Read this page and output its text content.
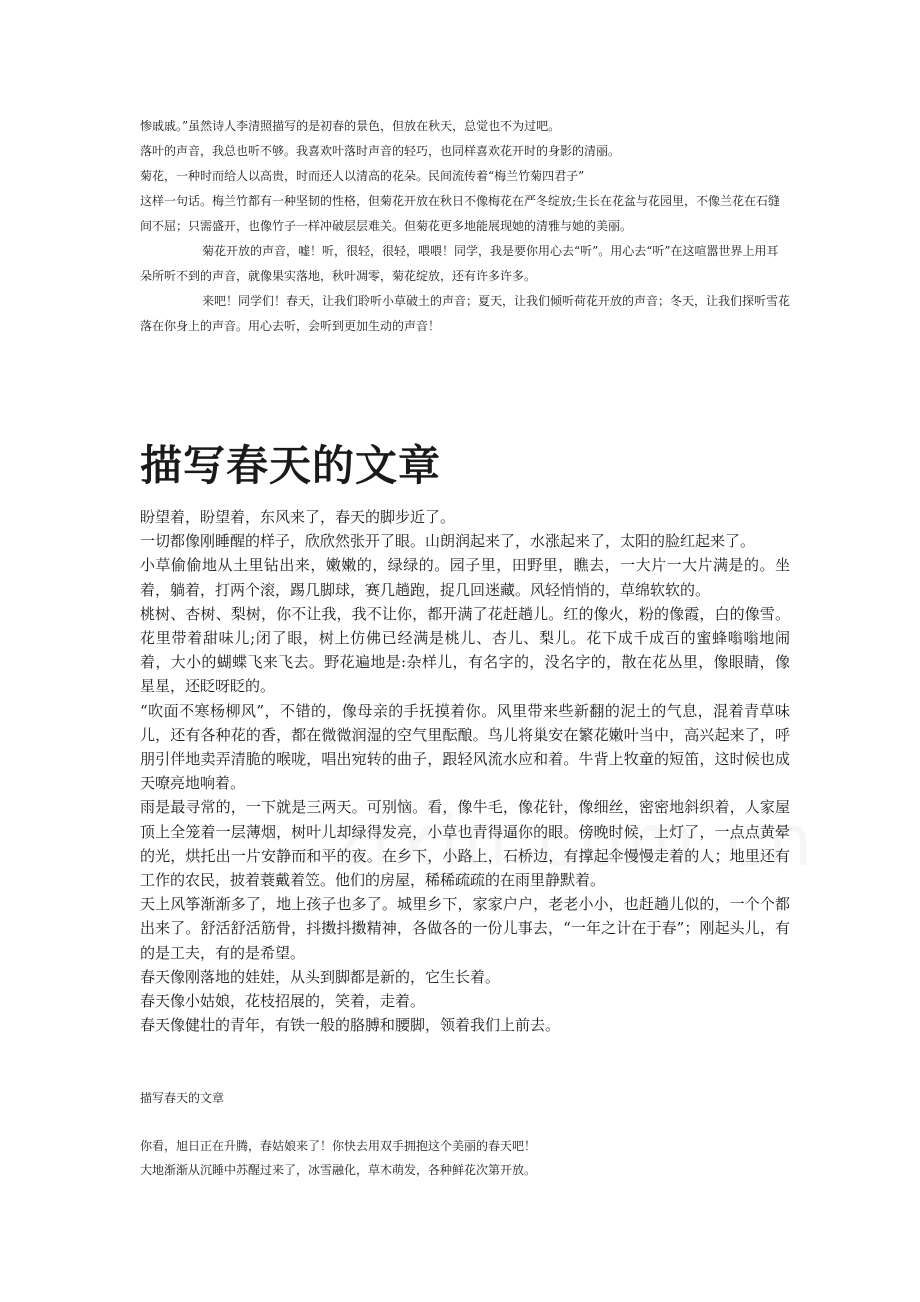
惨戚戚。”虽然诗人李清照描写的是初春的景色，但放在秋天，总觉也不为过吧。

落叶的声音，我总也听不够。我喜欢叶落时声音的轻巧，也同样喜欢花开时的身影的清丽。

菊花，一种时而给人以高贵，时而还人以清高的花朵。民间流传着“梅兰竹菊四君子”

这样一句话。梅兰竹都有一种坚韧的性格，但菊花开放在秋日不像梅花在严冬绽放;生长在花盆与花园里，不像兰花在石缝间不屈；只需盛开，也像竹子一样冲破层层难关。但菊花更多地能展现她的清雅与她的美丽。

菊花开放的声音，嘘！听，很轻，很轻，喂喂！同学，我是要你用心去“听”。用心去“听”在这喧嚣世界上用耳朵所听不到的声音，就像果实落地，秋叶凋零，菊花绽放，还有许多许多。

来吧！同学们！春天，让我们聆听小草破土的声音；夏天，让我们倾听荷花开放的声音；冬天，让我们探听雪花落在你身上的声音。用心去听，会听到更加生动的声音！

描写春天的文章

盼望着，盼望着，东风来了，春天的脚步近了。

一切都像刚睡醒的样子，欣欣然张开了眼。山朗润起来了，水涨起来了，太阳的脸红起来了。

小草偷偷地从土里钻出来，嫩嫩的，绿绿的。园子里，田野里，瞧去，一大片一大片满是的。坐着，躺着，打两个滚，踢几脚球，赛几趟跑，捉几回迷藏。风轻悄悄的，草绵软软的。

桃树、杏树、梨树，你不让我，我不让你，都开满了花赶趟儿。红的像火，粉的像霞，白的像雪。花里带着甜味儿;闭了眼，树上仿佛已经满是桃儿、杏儿、梨儿。花下成千成百的蜜蜂嗡嗡地闹着，大小的蝴蝶飞来飞去。野花遍地是:杂样儿，有名字的，没名字的，散在花丛里，像眼睛，像星星，还眨呀眨的。

“吹面不寒杨柳风”，不错的，像母亲的手抚摸着你。风里带来些新翻的泥土的气息，混着青草味儿，还有各种花的香，都在微微润湿的空气里酝酿。鸟儿将巢安在繁花嫩叶当中，高兴起来了，呼朋引伴地卖弄清脆的喉咙，唱出宛转的曲子，跟轻风流水应和着。牛背上牧童的短笛，这时候也成天嘹亮地响着。

雨是最寻常的，一下就是三两天。可别恼。看，像牛毛，像花针，像细丝，密密地斜织着，人家屋顶上全笼着一层薄烟，树叶儿却绿得发亮，小草也青得逼你的眼。傍晚时候，上灯了，一点点黄晕的光，烘托出一片安静而和平的夜。在乡下，小路上，石桥边，有撑起伞慢慢走着的人；地里还有工作的农民，披着蓑戴着笠。他们的房屋，稀稀疏疏的在雨里静默着。

天上风筝渐渐多了，地上孩子也多了。城里乡下，家家户户，老老小小，也赶趟儿似的，一个个都出来了。舒活舒活筋骨，抖擞抖擞精神，各做各的一份儿事去，“一年之计在于春”；刚起头儿，有的是工夫，有的是希望。

春天像刚落地的娃娃，从头到脚都是新的，它生长着。

春天像小姑娘，花枝招展的，笑着，走着。

春天像健壮的青年，有铁一般的胳膊和腰脚，领着我们上前去。

描写春天的文章

你看，旭日正在升腾，春姑娘来了！你快去用双手拥抱这个美丽的春天吧！

大地渐渐从沉睡中苏醒过来了，冰雪融化，草木萌发，各种鲜花次第开放。
